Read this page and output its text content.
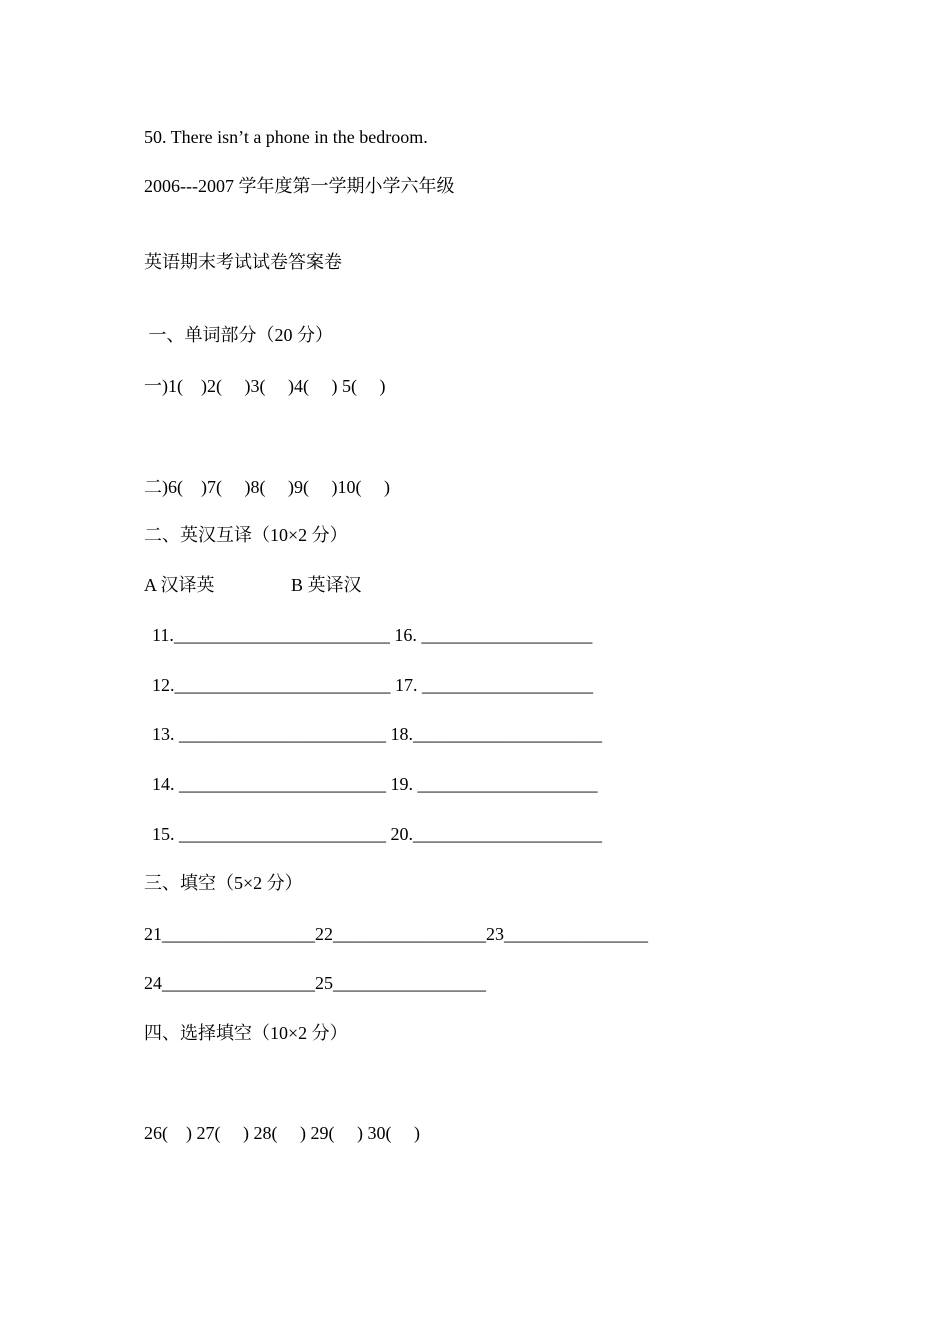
50. There isn’t a phone in the bedroom.
2006---2007 学年度第一学期小学六年级
英语期末考试试卷答案卷
一、单词部分（20 分）
一)1(    )2(     )3(     )4(     ) 5(     )
二)6(    )7(     )8(     )9(     )10(     )
二、英汉互译（10×2 分）
A 汉译英                 B 英译汉
11.________________________ 16. ___________________
12.________________________ 17. ___________________
13. _______________________ 18._____________________
14. _______________________ 19. ____________________
15. _______________________ 20._____________________
三、填空（5×2 分）
21_________________22_________________23________________
24_________________25_________________
四、选择填空（10×2 分）
26(    ) 27(     ) 28(     ) 29(     ) 30(     )
